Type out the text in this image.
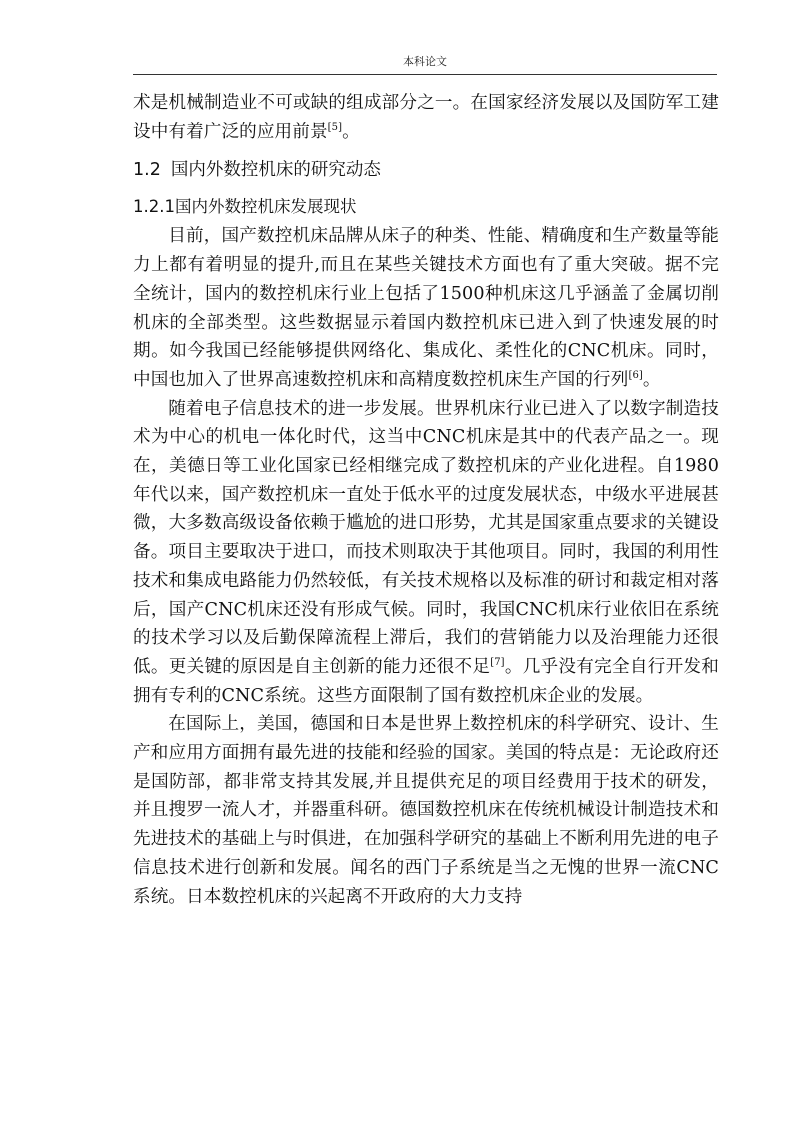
本科论文

术是机械制造业不可或缺的组成部分之一。在国家经济发展以及国防军工建设中有着广泛的应用前景[5]。

1.2 国内外数控机床的研究动态
1.2.1国内外数控机床发展现状

目前，国产数控机床品牌从床子的种类、性能、精确度和生产数量等能力上都有着明显的提升,而且在某些关键技术方面也有了重大突破。据不完全统计，国内的数控机床行业上包括了1500种机床这几乎涵盖了金属切削机床的全部类型。这些数据显示着国内数控机床已进入到了快速发展的时期。如今我国已经能够提供网络化、集成化、柔性化的CNC机床。同时，中国也加入了世界高速数控机床和高精度数控机床生产国的行列[6]。

随着电子信息技术的进一步发展。世界机床行业已进入了以数字制造技术为中心的机电一体化时代，这当中CNC机床是其中的代表产品之一。现在，美德日等工业化国家已经相继完成了数控机床的产业化进程。自1980年代以来，国产数控机床一直处于低水平的过度发展状态，中级水平进展甚微，大多数高级设备依赖于尴尬的进口形势，尤其是国家重点要求的关键设备。项目主要取决于进口，而技术则取决于其他项目。同时，我国的利用性技术和集成电路能力仍然较低，有关技术规格以及标准的研讨和裁定相对落后，国产CNC机床还没有形成气候。同时，我国CNC机床行业依旧在系统的技术学习以及后勤保障流程上滞后，我们的营销能力以及治理能力还很低。更关键的原因是自主创新的能力还很不足[7]。几乎没有完全自行开发和拥有专利的CNC系统。这些方面限制了国有数控机床企业的发展。

在国际上，美国，德国和日本是世界上数控机床的科学研究、设计、生产和应用方面拥有最先进的技能和经验的国家。美国的特点是：无论政府还是国防部，都非常支持其发展,并且提供充足的项目经费用于技术的研发，并且搜罗一流人才，并器重科研。德国数控机床在传统机械设计制造技术和先进技术的基础上与时俱进，在加强科学研究的基础上不断利用先进的电子信息技术进行创新和发展。闻名的西门子系统是当之无愧的世界一流CNC系统。日本数控机床的兴起离不开政府的大力支持
